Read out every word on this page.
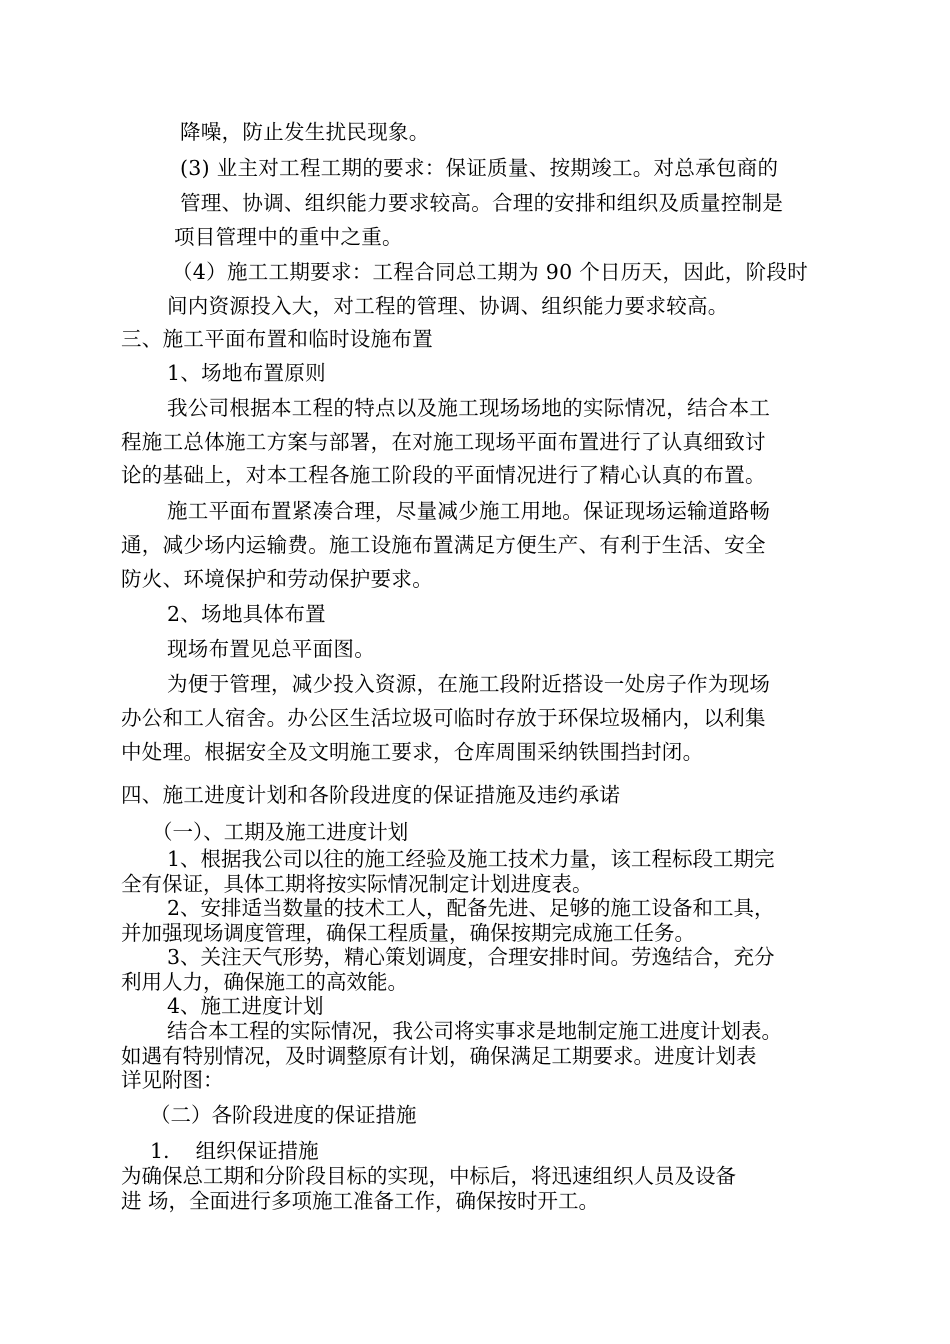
降噪，防止发生扰民现象。

(3) 业主对工程工期的要求：保证质量、按期竣工。对总承包商的

管理、协调、组织能力要求较高。合理的安排和组织及质量控制是

项目管理中的重中之重。

（4）施工工期要求：工程合同总工期为 90 个日历天，因此，阶段时

间内资源投入大，对工程的管理、协调、组织能力要求较高。

三、施工平面布置和临时设施布置

1、场地布置原则

我公司根据本工程的特点以及施工现场场地的实际情况，结合本工

程施工总体施工方案与部署，在对施工现场平面布置进行了认真细致讨

论的基础上，对本工程各施工阶段的平面情况进行了精心认真的布置。

施工平面布置紧凑合理，尽量减少施工用地。保证现场运输道路畅

通，减少场内运输费。施工设施布置满足方便生产、有利于生活、安全

防火、环境保护和劳动保护要求。

2、场地具体布置

现场布置见总平面图。

为便于管理，减少投入资源，在施工段附近搭设一处房子作为现场

办公和工人宿舍。办公区生活垃圾可临时存放于环保垃圾桶内，以利集

中处理。根据安全及文明施工要求，仓库周围采纳铁围挡封闭。

四、施工进度计划和各阶段进度的保证措施及违约承诺

（一）、工期及施工进度计划

1、根据我公司以往的施工经验及施工技术力量，该工程标段工期完

全有保证，具体工期将按实际情况制定计划进度表。

2、安排适当数量的技术工人，配备先进、足够的施工设备和工具，

并加强现场调度管理，确保工程质量，确保按期完成施工任务。

3、关注天气形势，精心策划调度，合理安排时间。劳逸结合，充分

利用人力，确保施工的高效能。

4、施工进度计划

结合本工程的实际情况，我公司将实事求是地制定施工进度计划表。

如遇有特别情况，及时调整原有计划，确保满足工期要求。进度计划表

详见附图：

（二）各阶段进度的保证措施

1.    组织保证措施

为确保总工期和分阶段目标的实现，中标后，将迅速组织人员及设备

进 场，全面进行多项施工准备工作，确保按时开工。
